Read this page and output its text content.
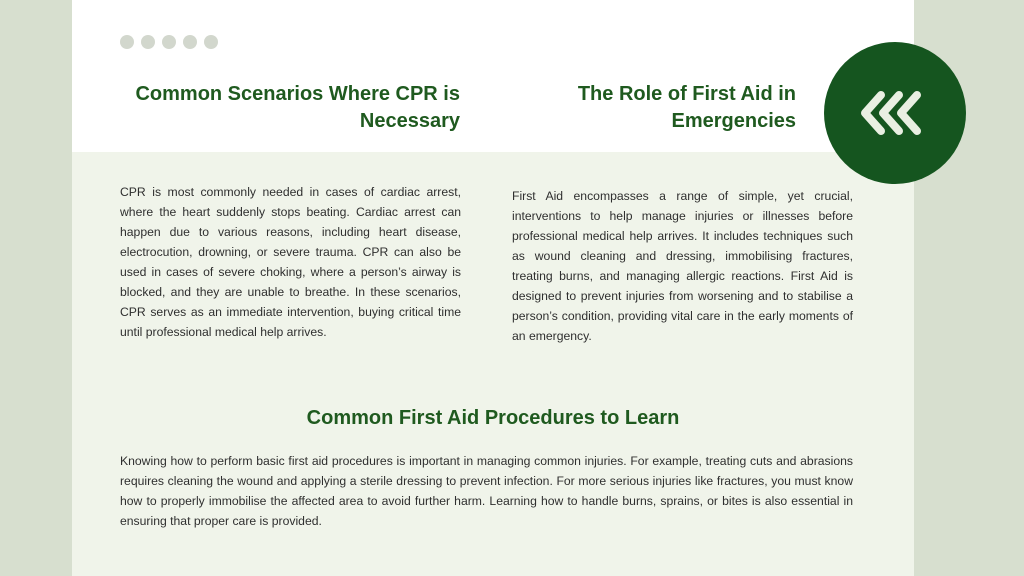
Common Scenarios Where CPR is Necessary
The Role of First Aid in Emergencies

CPR is most commonly needed in cases of cardiac arrest, where the heart suddenly stops beating. Cardiac arrest can happen due to various reasons, including heart disease, electrocution, drowning, or severe trauma. CPR can also be used in cases of severe choking, where a person’s airway is blocked, and they are unable to breathe. In these scenarios, CPR serves as an immediate intervention, buying critical time until professional medical help arrives.

First Aid encompasses a range of simple, yet crucial, interventions to help manage injuries or illnesses before professional medical help arrives. It includes techniques such as wound cleaning and dressing, immobilising fractures, treating burns, and managing allergic reactions. First Aid is designed to prevent injuries from worsening and to stabilise a person’s condition, providing vital care in the early moments of an emergency.

Common First Aid Procedures to Learn

Knowing how to perform basic first aid procedures is important in managing common injuries. For example, treating cuts and abrasions requires cleaning the wound and applying a sterile dressing to prevent infection. For more serious injuries like fractures, you must know how to properly immobilise the affected area to avoid further harm. Learning how to handle burns, sprains, or bites is also essential in ensuring that proper care is provided.
